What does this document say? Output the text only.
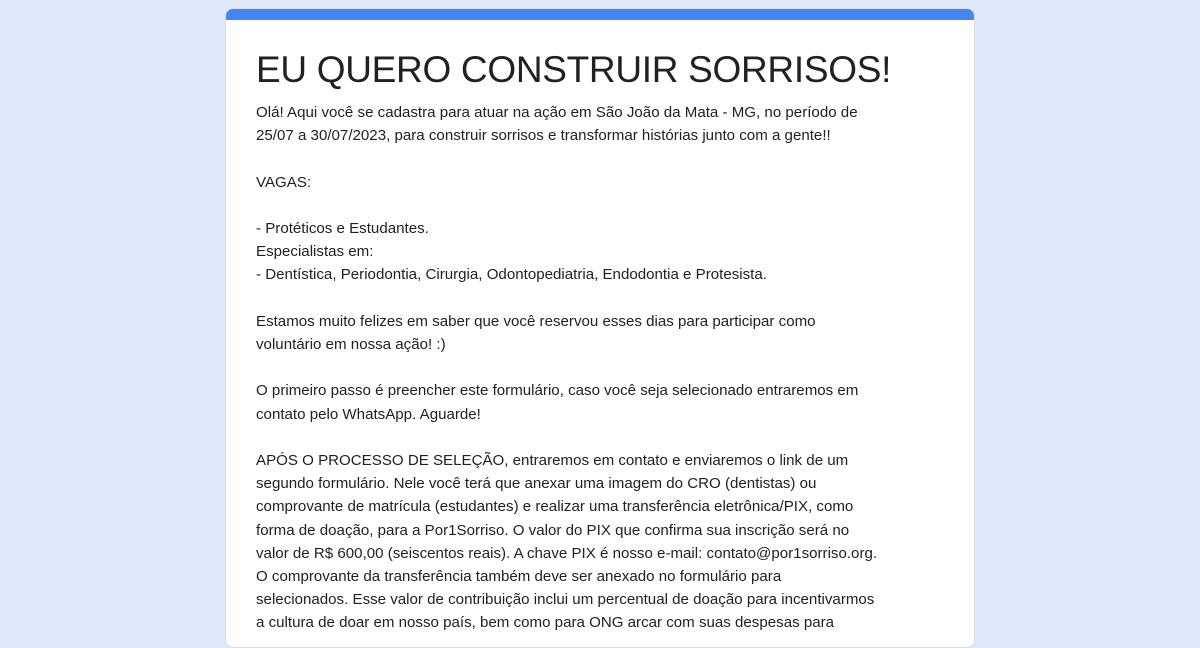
EU QUERO CONSTRUIR SORRISOS!

Olá! Aqui você se cadastra para atuar na ação em São João da Mata - MG, no período de

25/07 a 30/07/2023, para construir sorrisos e transformar histórias junto com a gente!!

VAGAS:

- Protéticos e Estudantes.

Especialistas em:

- Dentística, Periodontia, Cirurgia, Odontopediatria, Endodontia e Protesista.

Estamos muito felizes em saber que você reservou esses dias para participar como

voluntário em nossa ação! :)

O primeiro passo é preencher este formulário, caso você seja selecionado entraremos em

contato pelo WhatsApp. Aguarde!

APÓS O PROCESSO DE SELEÇÃO, entraremos em contato e enviaremos o link de um

segundo formulário. Nele você terá que anexar uma imagem do CRO (dentistas) ou

comprovante de matrícula (estudantes) e realizar uma transferência eletrônica/PIX, como

forma de doação, para a Por1Sorriso. O valor do PIX que confirma sua inscrição será no

valor de R$ 600,00 (seiscentos reais). A chave PIX é nosso e-mail: contato@por1sorriso.org.

O comprovante da transferência também deve ser anexado no formulário para

selecionados. Esse valor de contribuição inclui um percentual de doação para incentivarmos

a cultura de doar em nosso país, bem como para ONG arcar com suas despesas para
